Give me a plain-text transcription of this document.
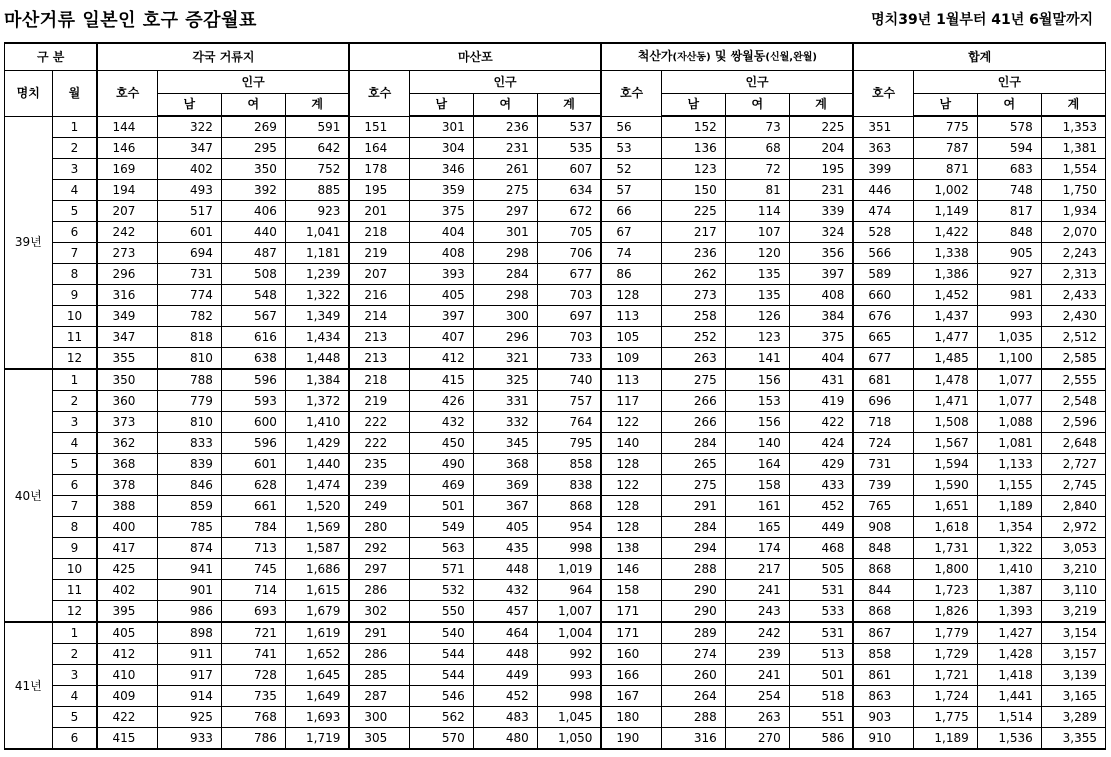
마산거류 일본인 호구 증감월표	명치39년 1월부터 41년 6월말까지
구 분		각국 거류지				마산포				척산가(자산동) 및 쌍월동(신월,완월)				합계			
명치	월	호수	인구			호수	인구			호수	인구			호수	인구		
			남	여	계		남	여	계		남	여	계		남	여	계
39년	1	144	322	269	591	151	301	236	537	56	152	73	225	351	775	578	1,353
	2	146	347	295	642	164	304	231	535	53	136	68	204	363	787	594	1,381
	3	169	402	350	752	178	346	261	607	52	123	72	195	399	871	683	1,554
	4	194	493	392	885	195	359	275	634	57	150	81	231	446	1,002	748	1,750
	5	207	517	406	923	201	375	297	672	66	225	114	339	474	1,149	817	1,934
	6	242	601	440	1,041	218	404	301	705	67	217	107	324	528	1,422	848	2,070
	7	273	694	487	1,181	219	408	298	706	74	236	120	356	566	1,338	905	2,243
	8	296	731	508	1,239	207	393	284	677	86	262	135	397	589	1,386	927	2,313
	9	316	774	548	1,322	216	405	298	703	128	273	135	408	660	1,452	981	2,433
	10	349	782	567	1,349	214	397	300	697	113	258	126	384	676	1,437	993	2,430
	11	347	818	616	1,434	213	407	296	703	105	252	123	375	665	1,477	1,035	2,512
	12	355	810	638	1,448	213	412	321	733	109	263	141	404	677	1,485	1,100	2,585
40년	1	350	788	596	1,384	218	415	325	740	113	275	156	431	681	1,478	1,077	2,555
	2	360	779	593	1,372	219	426	331	757	117	266	153	419	696	1,471	1,077	2,548
	3	373	810	600	1,410	222	432	332	764	122	266	156	422	718	1,508	1,088	2,596
	4	362	833	596	1,429	222	450	345	795	140	284	140	424	724	1,567	1,081	2,648
	5	368	839	601	1,440	235	490	368	858	128	265	164	429	731	1,594	1,133	2,727
	6	378	846	628	1,474	239	469	369	838	122	275	158	433	739	1,590	1,155	2,745
	7	388	859	661	1,520	249	501	367	868	128	291	161	452	765	1,651	1,189	2,840
	8	400	785	784	1,569	280	549	405	954	128	284	165	449	908	1,618	1,354	2,972
	9	417	874	713	1,587	292	563	435	998	138	294	174	468	848	1,731	1,322	3,053
	10	425	941	745	1,686	297	571	448	1,019	146	288	217	505	868	1,800	1,410	3,210
	11	402	901	714	1,615	286	532	432	964	158	290	241	531	844	1,723	1,387	3,110
	12	395	986	693	1,679	302	550	457	1,007	171	290	243	533	868	1,826	1,393	3,219
41년	1	405	898	721	1,619	291	540	464	1,004	171	289	242	531	867	1,779	1,427	3,154
	2	412	911	741	1,652	286	544	448	992	160	274	239	513	858	1,729	1,428	3,157
	3	410	917	728	1,645	285	544	449	993	166	260	241	501	861	1,721	1,418	3,139
	4	409	914	735	1,649	287	546	452	998	167	264	254	518	863	1,724	1,441	3,165
	5	422	925	768	1,693	300	562	483	1,045	180	288	263	551	903	1,775	1,514	3,289
	6	415	933	786	1,719	305	570	480	1,050	190	316	270	586	910	1,189	1,536	3,355
